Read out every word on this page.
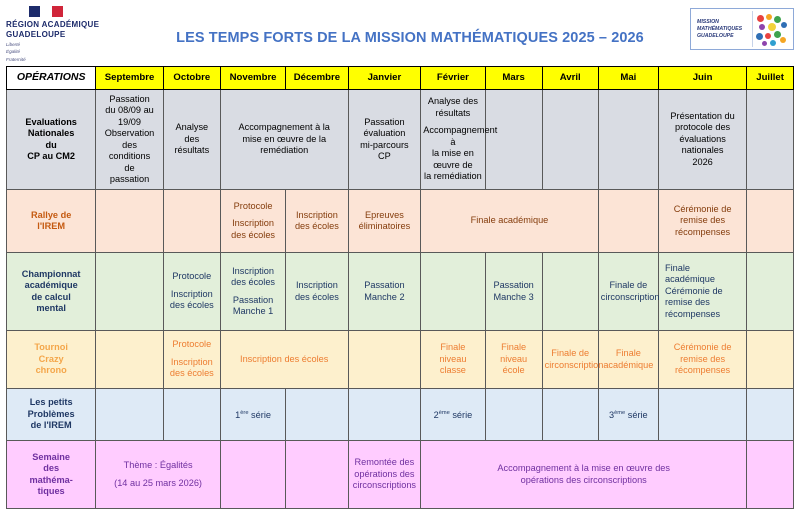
RÉGION ACADÉMIQUE
GUADELOUPE
Liberté
Égalité
Fraternité
LES TEMPS FORTS DE LA MISSION MATHÉMATIQUES 2025 – 2026
MISSION
MATHÉMATIQUES
GUADELOUPE
OPÉRATIONS	Septembre	Octobre	Novembre	Décembre	Janvier	Février	Mars	Avril	Mai	Juin	Juillet
Evaluations
Nationales
du
CP au CM2	Passation
du 08/09 au
19/09
Observation
des
conditions
de
passation	Analyse
des
résultats	Accompagnement à la
mise en œuvre de la
remédiation	Passation
évaluation
mi-parcours
CP	Analyse des
résultats
Accompagnement à
la mise en œuvre de
la remédiation				Présentation du
protocole des
évaluations nationales
2026	
Rallye de
l'IREM			Protocole
Inscription
des écoles	Inscription
des écoles	Epreuves
éliminatoires	Finale académique				Cérémonie de
remise des
récompenses	
Championnat
académique
de calcul
mental		Protocole
Inscription
des écoles	Inscription
des écoles
Passation
Manche 1	Inscription
des écoles	Passation
Manche 2		Passation
Manche 3		Finale de
circonscription	Finale
académique
Cérémonie de
remise des
récompenses	
Tournoi
Crazy
chrono		Protocole
Inscription
des écoles	Inscription des écoles			Finale
niveau
classe	Finale
niveau
école	Finale de
circonscription	Finale
académique	Cérémonie de
remise des
récompenses	
Les petits
Problèmes
de l'IREM			1ère série			2ème série			3ème série		
Semaine
des
mathéma-
tiques	Thème : Égalités
(14 au 25 mars 2026)				Remontée des
opérations des
circonscriptions	Accompagnement à la mise en œuvre des
opérations des circonscriptions					
